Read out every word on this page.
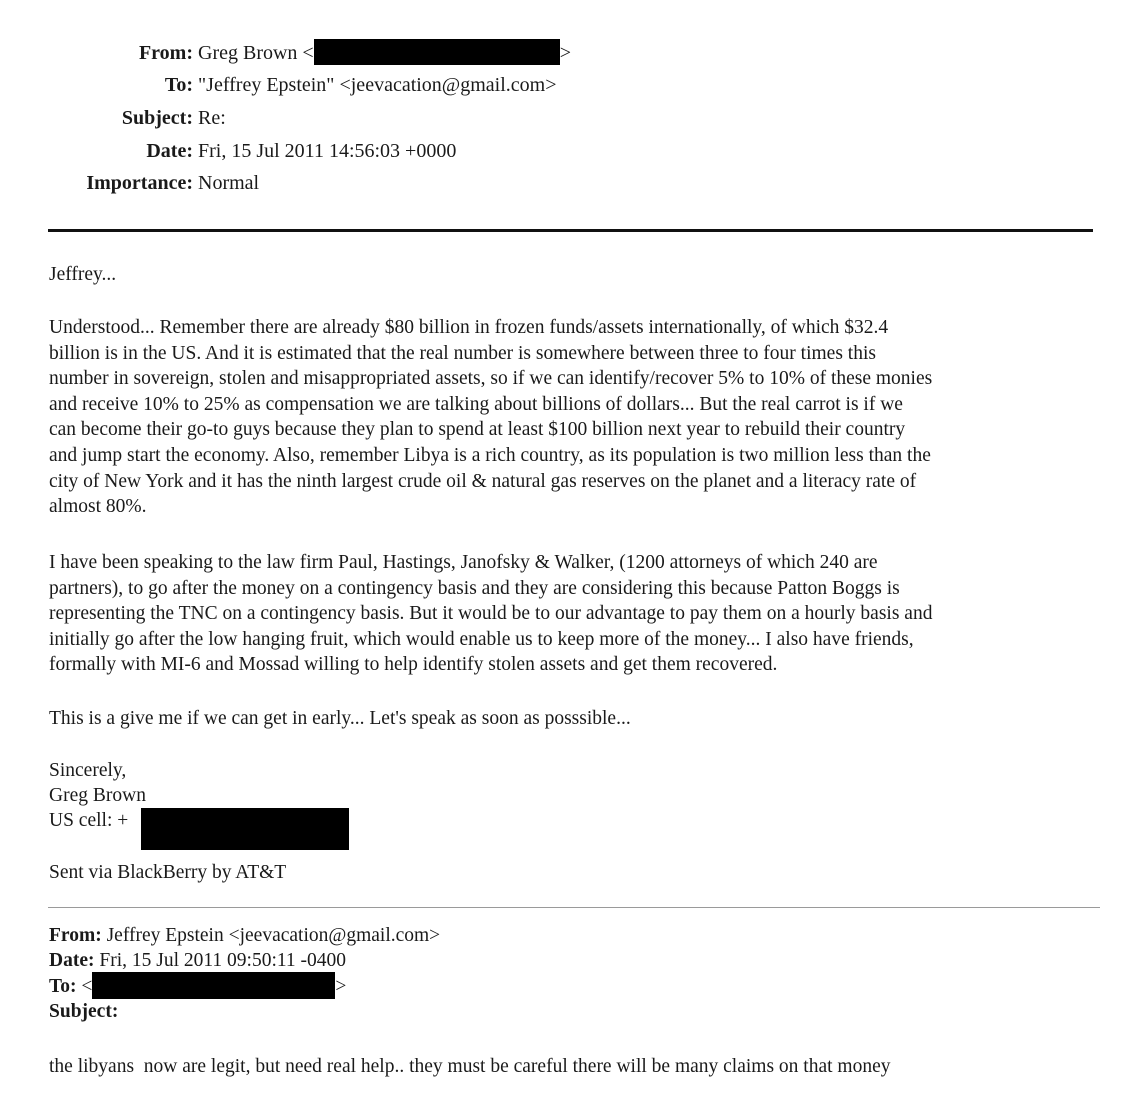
From: Greg Brown <	>
To: "Jeffrey Epstein" <jeevacation@gmail.com>
Subject: Re:
Date: Fri, 15 Jul 2011 14:56:03 +0000
Importance: Normal

Jeffrey...

Understood... Remember there are already $80 billion in frozen funds/assets internationally, of which $32.4
billion is in the US. And it is estimated that the real number is somewhere between three to four times this
number in sovereign, stolen and misappropriated assets, so if we can identify/recover 5% to 10% of these monies
and receive 10% to 25% as compensation we are talking about billions of dollars... But the real carrot is if we
can become their go-to guys because they plan to spend at least $100 billion next year to rebuild their country
and jump start the economy. Also, remember Libya is a rich country, as its population is two million less than the
city of New York and it has the ninth largest crude oil & natural gas reserves on the planet and a literacy rate of
almost 80%.
I have been speaking to the law firm Paul, Hastings, Janofsky & Walker, (1200 attorneys of which 240 are
partners), to go after the money on a contingency basis and they are considering this because Patton Boggs is
representing the TNC on a contingency basis. But it would be to our advantage to pay them on a hourly basis and
initially go after the low hanging fruit, which would enable us to keep more of the money... I also have friends,
formally with MI-6 and Mossad willing to help identify stolen assets and get them recovered.

This is a give me if we can get in early... Let's speak as soon as posssible...

Sincerely,
Greg Brown
US cell: +

Sent via BlackBerry by AT&T

From: Jeffrey Epstein <jeevacation@gmail.com>
Date: Fri, 15 Jul 2011 09:50:11 -0400
To: <	>
Subject:

the libyans  now are legit, but need real help.. they must be careful there will be many claims on that money
